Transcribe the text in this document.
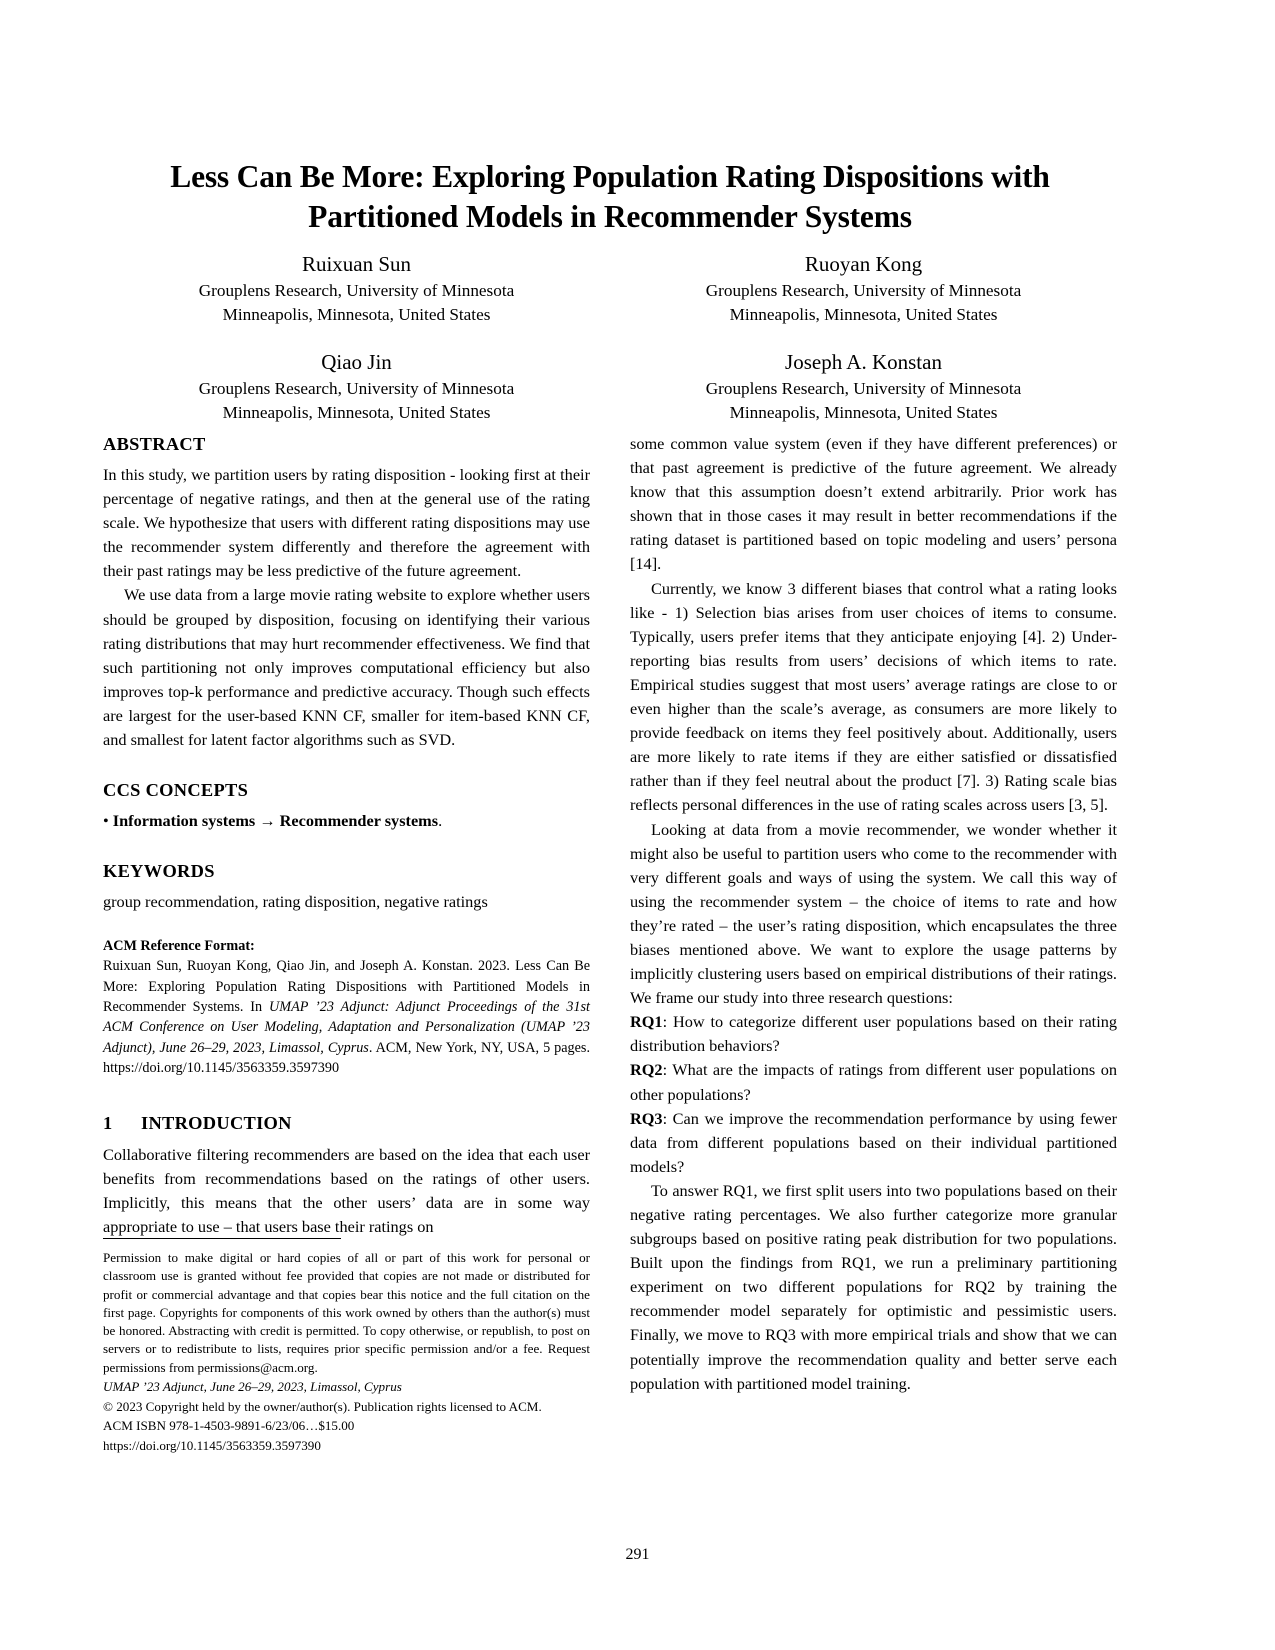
Less Can Be More: Exploring Population Rating Dispositions with Partitioned Models in Recommender Systems
Ruixuan Sun
Grouplens Research, University of Minnesota
Minneapolis, Minnesota, United States
Ruoyan Kong
Grouplens Research, University of Minnesota
Minneapolis, Minnesota, United States
Qiao Jin
Grouplens Research, University of Minnesota
Minneapolis, Minnesota, United States
Joseph A. Konstan
Grouplens Research, University of Minnesota
Minneapolis, Minnesota, United States
ABSTRACT

In this study, we partition users by rating disposition - looking first at their percentage of negative ratings, and then at the general use of the rating scale. We hypothesize that users with different rating dispositions may use the recommender system differently and therefore the agreement with their past ratings may be less predictive of the future agreement.

We use data from a large movie rating website to explore whether users should be grouped by disposition, focusing on identifying their various rating distributions that may hurt recommender effectiveness. We find that such partitioning not only improves computational efficiency but also improves top-k performance and predictive accuracy. Though such effects are largest for the user-based KNN CF, smaller for item-based KNN CF, and smallest for latent factor algorithms such as SVD.

CCS CONCEPTS
• Information systems → Recommender systems.
KEYWORDS
group recommendation, rating disposition, negative ratings
ACM Reference Format:
Ruixuan Sun, Ruoyan Kong, Qiao Jin, and Joseph A. Konstan. 2023. Less Can Be More: Exploring Population Rating Dispositions with Partitioned Models in Recommender Systems. In UMAP ’23 Adjunct: Adjunct Proceedings of the 31st ACM Conference on User Modeling, Adaptation and Personalization (UMAP ’23 Adjunct), June 26–29, 2023, Limassol, Cyprus. ACM, New York, NY, USA, 5 pages. https://doi.org/10.1145/3563359.3597390
1 INTRODUCTION

Collaborative filtering recommenders are based on the idea that each user benefits from recommendations based on the ratings of other users. Implicitly, this means that the other users’ data are in some way appropriate to use – that users base their ratings on

some common value system (even if they have different preferences) or that past agreement is predictive of the future agreement. We already know that this assumption doesn’t extend arbitrarily. Prior work has shown that in those cases it may result in better recommendations if the rating dataset is partitioned based on topic modeling and users’ persona [14].

Currently, we know 3 different biases that control what a rating looks like - 1) Selection bias arises from user choices of items to consume. Typically, users prefer items that they anticipate enjoying [4]. 2) Under-reporting bias results from users’ decisions of which items to rate. Empirical studies suggest that most users’ average ratings are close to or even higher than the scale’s average, as consumers are more likely to provide feedback on items they feel positively about. Additionally, users are more likely to rate items if they are either satisfied or dissatisfied rather than if they feel neutral about the product [7]. 3) Rating scale bias reflects personal differences in the use of rating scales across users [3, 5].

Looking at data from a movie recommender, we wonder whether it might also be useful to partition users who come to the recommender with very different goals and ways of using the system. We call this way of using the recommender system – the choice of items to rate and how they’re rated – the user’s rating disposition, which encapsulates the three biases mentioned above. We want to explore the usage patterns by implicitly clustering users based on empirical distributions of their ratings. We frame our study into three research questions:

RQ1: How to categorize different user populations based on their rating distribution behaviors?

RQ2: What are the impacts of ratings from different user populations on other populations?

RQ3: Can we improve the recommendation performance by using fewer data from different populations based on their individual partitioned models?

To answer RQ1, we first split users into two populations based on their negative rating percentages. We also further categorize more granular subgroups based on positive rating peak distribution for two populations. Built upon the findings from RQ1, we run a preliminary partitioning experiment on two different populations for RQ2 by training the recommender model separately for optimistic and pessimistic users. Finally, we move to RQ3 with more empirical trials and show that we can potentially improve the recommendation quality and better serve each population with partitioned model training.

Permission to make digital or hard copies of all or part of this work for personal or classroom use is granted without fee provided that copies are not made or distributed for profit or commercial advantage and that copies bear this notice and the full citation on the first page. Copyrights for components of this work owned by others than the author(s) must be honored. Abstracting with credit is permitted. To copy otherwise, or republish, to post on servers or to redistribute to lists, requires prior specific permission and/or a fee. Request permissions from permissions@acm.org.

UMAP ’23 Adjunct, June 26–29, 2023, Limassol, Cyprus
© 2023 Copyright held by the owner/author(s). Publication rights licensed to ACM.
ACM ISBN 978-1-4503-9891-6/23/06…$15.00
https://doi.org/10.1145/3563359.3597390
291
